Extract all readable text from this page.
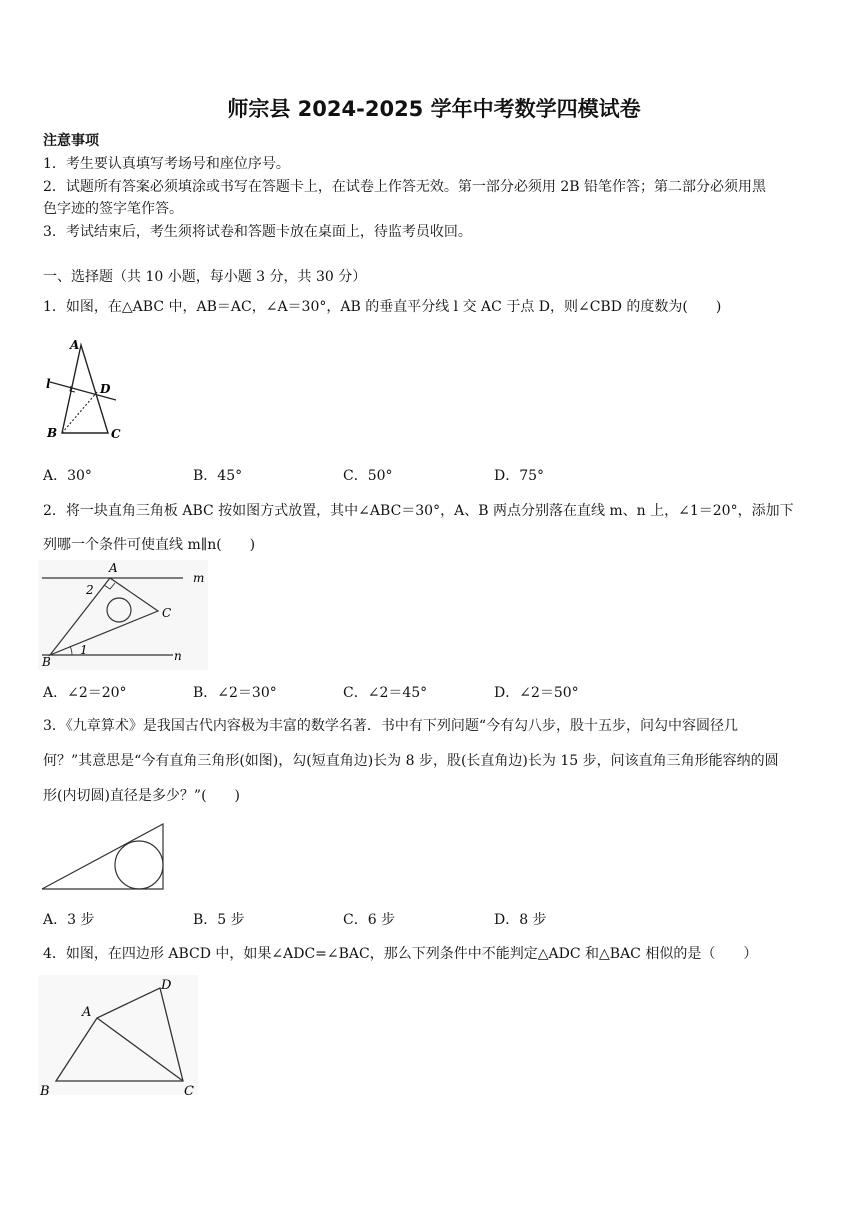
师宗县 2024-2025 学年中考数学四模试卷
注意事项
1．考生要认真填写考场号和座位序号。
2．试题所有答案必须填涂或书写在答题卡上，在试卷上作答无效。第一部分必须用 2B 铅笔作答；第二部分必须用黑
色字迹的签字笔作答。
3．考试结束后，考生须将试卷和答题卡放在桌面上，待监考员收回。
一、选择题（共 10 小题，每小题 3 分，共 30 分）
1．如图，在△ABC 中，AB＝AC，∠A＝30°，AB 的垂直平分线 l 交 AC 于点 D，则∠CBD 的度数为(　　)
A
l	D
B	C
A．30°	B．45°	C．50°	D．75°
2．将一块直角三角板 ABC 按如图方式放置，其中∠ABC＝30°，A、B 两点分别落在直线 m、n 上，∠1＝20°，添加下
列哪一个条件可使直线 m∥n(　　)
A
m
2
C
1
B	n
A．∠2＝20°	B．∠2＝30°	C．∠2＝45°	D．∠2＝50°
3．《九章算术》是我国古代内容极为丰富的数学名著．书中有下列问题“今有勾八步，股十五步，问勾中容圆径几
何？”其意思是“今有直角三角形(如图)，勾(短直角边)长为 8 步，股(长直角边)长为 15 步，问该直角三角形能容纳的圆
形(内切圆)直径是多少？”(　　)
A．3 步	B．5 步	C．6 步	D．8 步
4．如图，在四边形 ABCD 中，如果∠ADC=∠BAC，那么下列条件中不能判定△ADC 和△BAC 相似的是（　　）
A
D
B	C
